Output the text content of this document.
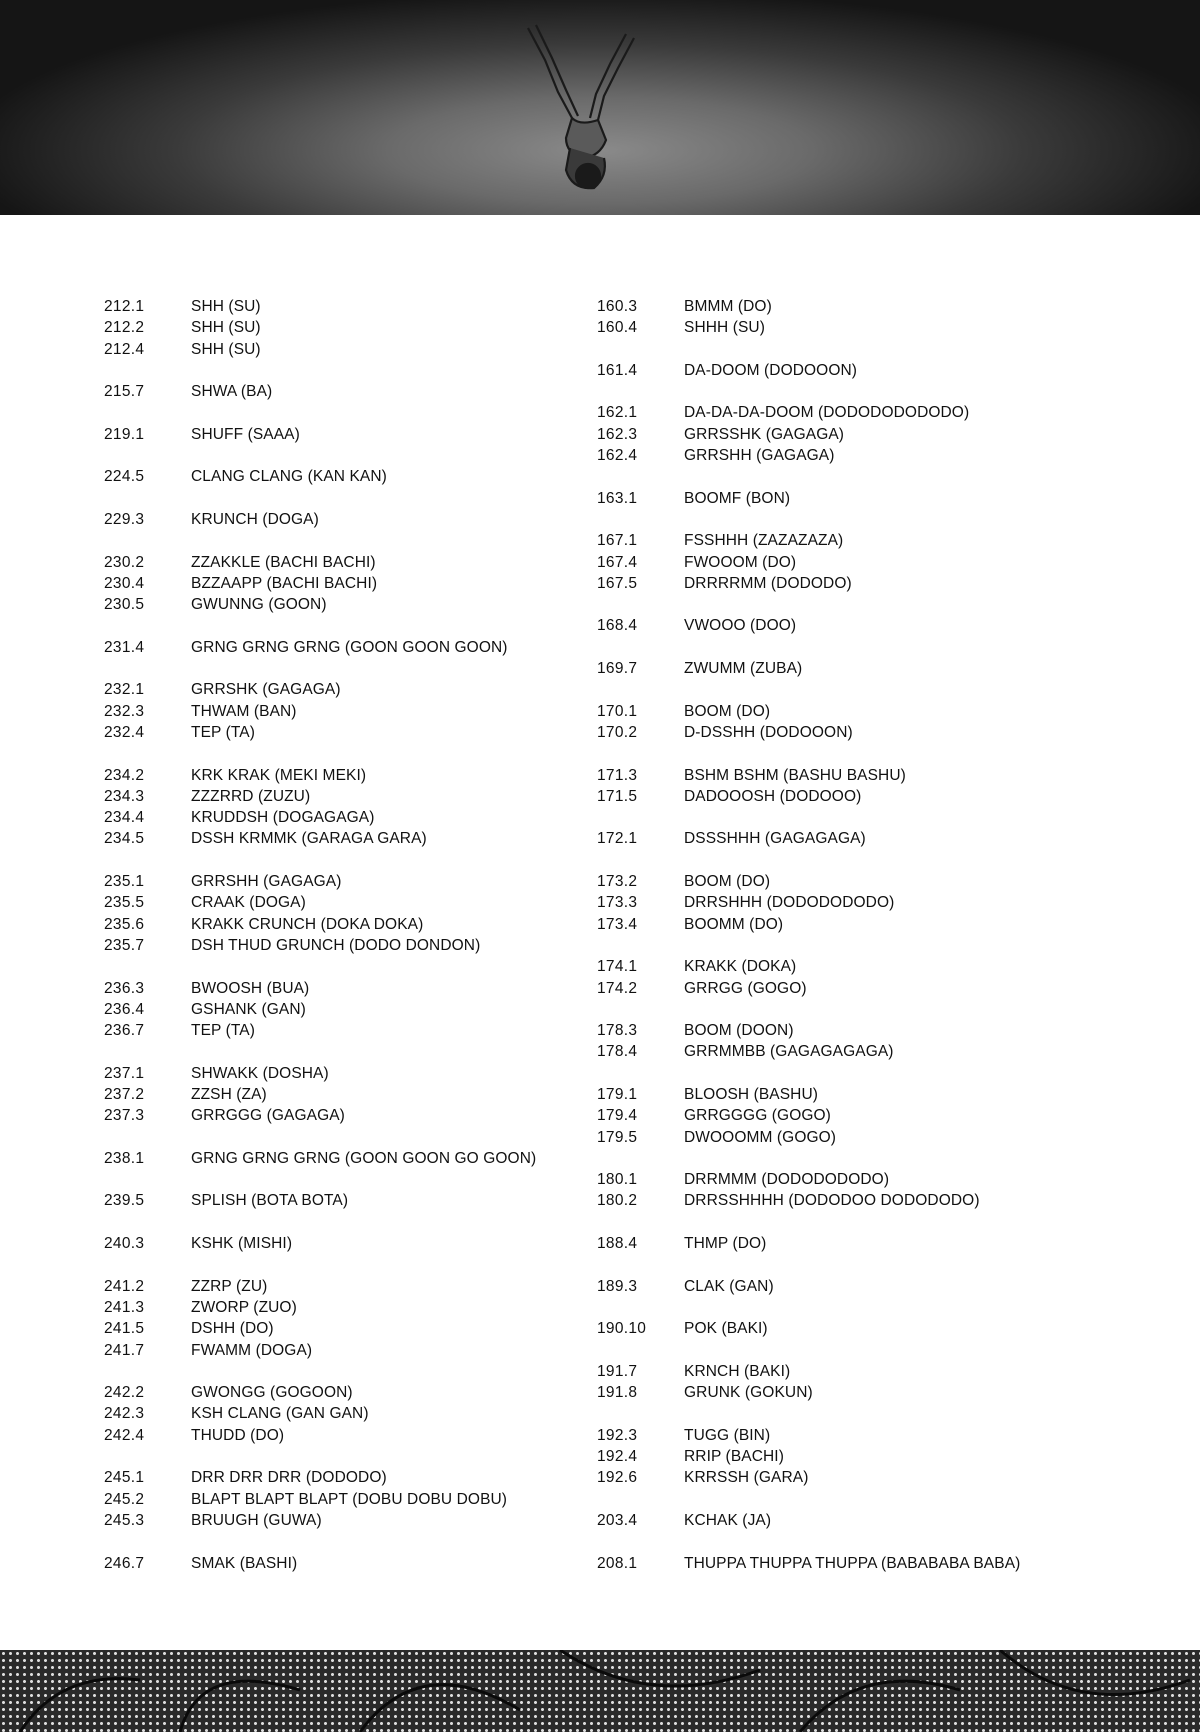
212.1	SHH (SU)
212.2	SHH (SU)
212.4	SHH (SU)
215.7	SHWA (BA)
219.1	SHUFF (SAAA)
224.5	CLANG CLANG (KAN KAN)
229.3	KRUNCH (DOGA)
230.2	ZZAKKLE (BACHI BACHI)
230.4	BZZAAPP (BACHI BACHI)
230.5	GWUNNG (GOON)
231.4	GRNG GRNG GRNG (GOON GOON GOON)
232.1	GRRSHK (GAGAGA)
232.3	THWAM (BAN)
232.4	TEP (TA)
234.2	KRK KRAK (MEKI MEKI)
234.3	ZZZRRD (ZUZU)
234.4	KRUDDSH (DOGAGAGA)
234.5	DSSH KRMMK (GARAGA GARA)
235.1	GRRSHH (GAGAGA)
235.5	CRAAK (DOGA)
235.6	KRAKK CRUNCH (DOKA DOKA)
235.7	DSH THUD GRUNCH (DODO DONDON)
236.3	BWOOSH (BUA)
236.4	GSHANK (GAN)
236.7	TEP (TA)
237.1	SHWAKK (DOSHA)
237.2	ZZSH (ZA)
237.3	GRRGGG (GAGAGA)
238.1	GRNG GRNG GRNG (GOON GOON GO GOON)
239.5	SPLISH (BOTA BOTA)
240.3	KSHK (MISHI)
241.2	ZZRP (ZU)
241.3	ZWORP (ZUO)
241.5	DSHH (DO)
241.7	FWAMM (DOGA)
242.2	GWONGG (GOGOON)
242.3	KSH CLANG (GAN GAN)
242.4	THUDD (DO)
245.1	DRR DRR DRR (DODODO)
245.2	BLAPT BLAPT BLAPT (DOBU DOBU DOBU)
245.3	BRUUGH (GUWA)
246.7	SMAK (BASHI)
160.3	BMMM (DO)
160.4	SHHH (SU)
161.4	DA-DOOM (DODOOON)
162.1	DA-DA-DA-DOOM (DODODODODODO)
162.3	GRRSSHK (GAGAGA)
162.4	GRRSHH (GAGAGA)
163.1	BOOMF (BON)
167.1	FSSHHH (ZAZAZAZA)
167.4	FWOOOM (DO)
167.5	DRRRRMM (DODODO)
168.4	VWOOO (DOO)
169.7	ZWUMM (ZUBA)
170.1	BOOM (DO)
170.2	D-DSSHH (DODOOON)
171.3	BSHM BSHM (BASHU BASHU)
171.5	DADOOOSH (DODOOO)
172.1	DSSSHHH (GAGAGAGA)
173.2	BOOM (DO)
173.3	DRRSHHH (DODODODODO)
173.4	BOOMM (DO)
174.1	KRAKK (DOKA)
174.2	GRRGG (GOGO)
178.3	BOOM (DOON)
178.4	GRRMMBB (GAGAGAGAGA)
179.1	BLOOSH (BASHU)
179.4	GRRGGGG (GOGO)
179.5	DWOOOMM (GOGO)
180.1	DRRMMM (DODODODODO)
180.2	DRRSSHHHH (DODODOO DODODODO)
188.4	THMP (DO)
189.3	CLAK (GAN)
190.10	POK (BAKI)
191.7	KRNCH (BAKI)
191.8	GRUNK (GOKUN)
192.3	TUGG (BIN)
192.4	RRIP (BACHI)
192.6	KRRSSH (GARA)
203.4	KCHAK (JA)
208.1	THUPPA THUPPA THUPPA (BABABABA BABA)
